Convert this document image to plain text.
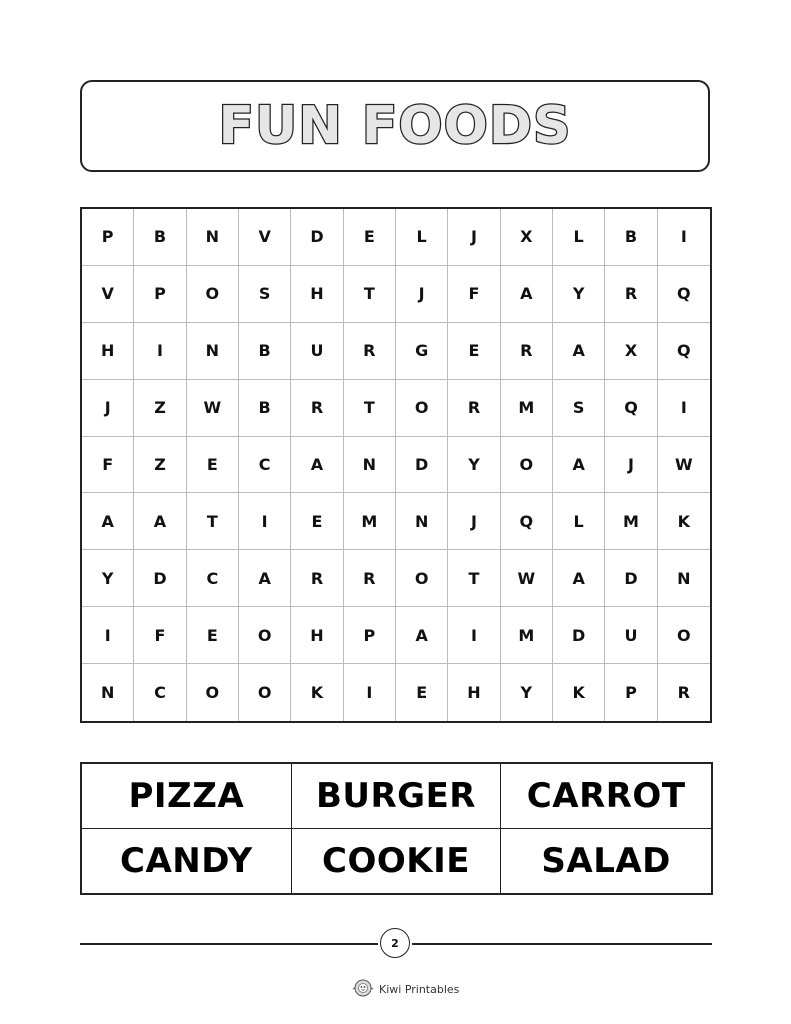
FUN FOODS
P	B	N	V	D	E	L	J	X	L	B	I
V	P	O	S	H	T	J	F	A	Y	R	Q
H	I	N	B	U	R	G	E	R	A	X	Q
J	Z	W	B	R	T	O	R	M	S	Q	I
F	Z	E	C	A	N	D	Y	O	A	J	W
A	A	T	I	E	M	N	J	Q	L	M	K
Y	D	C	A	R	R	O	T	W	A	D	N
I	F	E	O	H	P	A	I	M	D	U	O
N	C	O	O	K	I	E	H	Y	K	P	R
PIZZA	BURGER	CARROT
CANDY	COOKIE	SALAD
2
Kiwi Printables
